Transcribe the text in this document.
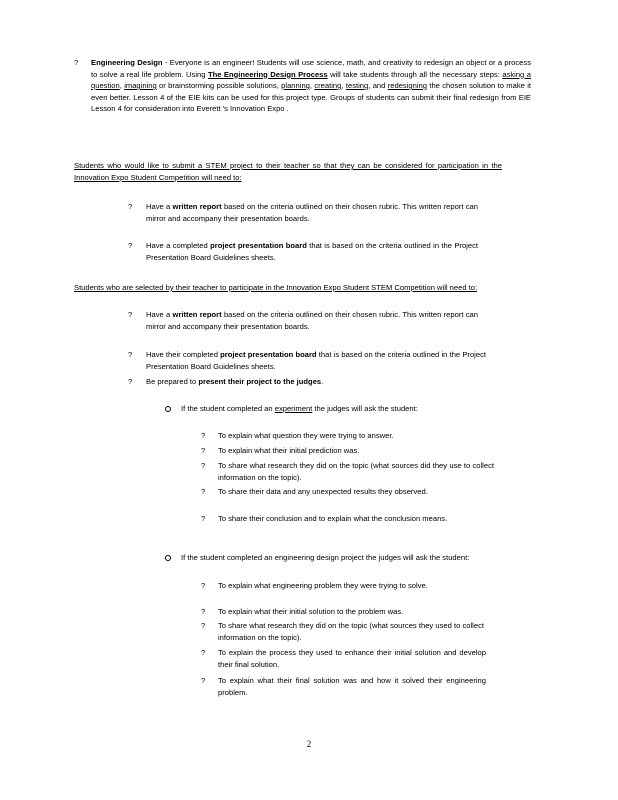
? Engineering Design - Everyone is an engineer! Students will use science, math, and creativity to redesign an object or a process to solve a real life problem. Using The Engineering Design Process will take students through all the necessary steps: asking a question, imagining or brainstorming possible solutions, planning, creating, testing, and redesigning the chosen solution to make it even better. Lesson 4 of the EIE kits can be used for this project type. Groups of students can submit their final redesign from EIE Lesson 4 for consideration into Everett 's Innovation Expo .

Students who would like to submit a STEM project to their teacher so that they can be considered for participation in the Innovation Expo Student Competition will need to:

? Have a written report based on the criteria outlined on their chosen rubric. This written report can mirror and accompany their presentation boards.

? Have a completed project presentation board that is based on the criteria outlined in the Project Presentation Board Guidelines sheets.

Students who are selected by their teacher to participate in the Innovation Expo Student STEM Competition will need to:

? Have a written report based on the criteria outlined on their chosen rubric. This written report can mirror and accompany their presentation boards.

? Have their completed project presentation board that is based on the criteria outlined in the Project Presentation Board Guidelines sheets.

? Be prepared to present their project to the judges.

If the student completed an experiment the judges will ask the student:

? To explain what question they were trying to answer.

? To explain what their initial prediction was.

? To share what research they did on the topic (what sources did they use to collect information on the topic).

? To share their data and any unexpected results they observed.

? To share their conclusion and to explain what the conclusion means.

If the student completed an engineering design project the judges will ask the student:

? To explain what engineering problem they were trying to solve.

? To explain what their initial solution to the problem was.

? To share what research they did on the topic (what sources they used to collect information on the topic).

? To explain the process they used to enhance their initial solution and develop their final solution.

? To explain what their final solution was and how it solved their engineering problem.

2
